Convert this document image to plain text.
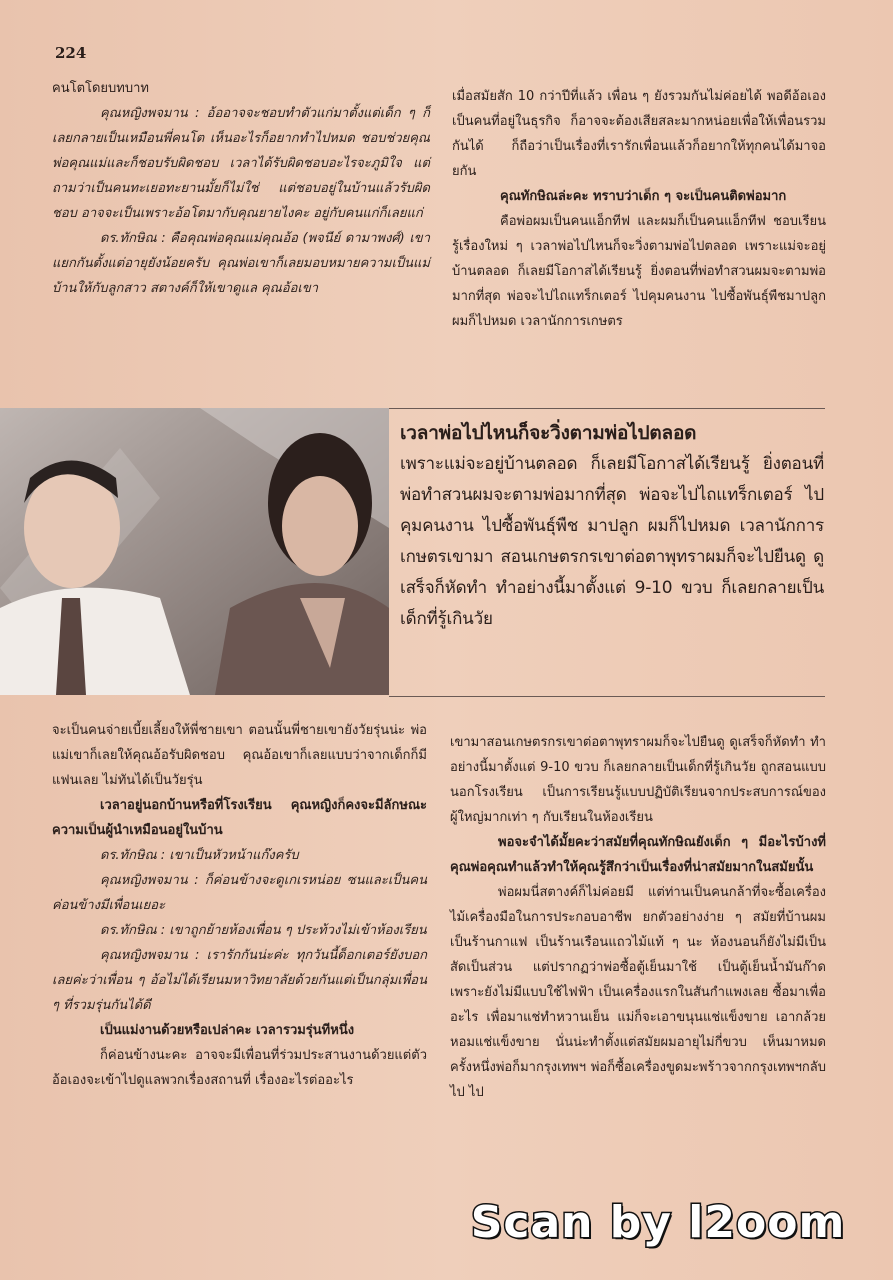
224

คนโตโดยบทบาท

คุณหญิงพจมาน : อ้ออาจจะชอบทำตัวแก่มาตั้งแต่เด็ก ๆ ก็เลยกลายเป็นเหมือนพี่คนโต เห็นอะไรก็อยากทำไปหมด ชอบช่วยคุณพ่อคุณแม่และก็ชอบรับผิดชอบ เวลาได้รับผิดชอบอะไรจะภูมิใจ แต่ถามว่าเป็นคนทะเยอทะยานมั้ยก็ไม่ใช่ แต่ชอบอยู่ในบ้านแล้วรับผิดชอบ อาจจะเป็นเพราะอ้อโตมากับคุณยายไงคะ อยู่กับคนแก่ก็เลยแก่

ดร.ทักษิณ : คือคุณพ่อคุณแม่คุณอ้อ (พจนีย์ ดามาพงศ์) เขาแยกกันตั้งแต่อายุยังน้อยครับ คุณพ่อเขาก็เลยมอบหมายความเป็นแม่บ้านให้กับลูกสาว สตางค์ก็ให้เขาดูแล คุณอ้อเขา

เมื่อสมัยสัก 10 กว่าปีที่แล้ว เพื่อน ๆ ยังรวมกันไม่ค่อยได้ พอดีอ้อเองเป็นคนที่อยู่ในธุรกิจ ก็อาจจะต้องเสียสละมากหน่อยเพื่อให้เพื่อนรวมกันได้ ก็ถือว่าเป็นเรื่องที่เรารักเพื่อนแล้วก็อยากให้ทุกคนได้มาจอยกัน

คุณทักษิณล่ะคะ ทราบว่าเด็ก ๆ จะเป็นคนติดพ่อมาก

คือพ่อผมเป็นคนแอ็กทีฟ และผมก็เป็นคนแอ็กทีฟ ชอบเรียนรู้เรื่องใหม่ ๆ เวลาพ่อไปไหนก็จะวิ่งตามพ่อไปตลอด เพราะแม่จะอยู่บ้านตลอด ก็เลยมีโอกาสได้เรียนรู้ ยิ่งตอนที่พ่อทำสวนผมจะตามพ่อมากที่สุด พ่อจะไปไถแทร็กเตอร์ ไปคุมคนงาน ไปซื้อพันธุ์พืชมาปลูก ผมก็ไปหมด เวลานักการเกษตร

เวลาพ่อไปไหนก็จะวิ่งตามพ่อไปตลอด
เพราะแม่จะอยู่บ้านตลอด ก็เลยมีโอกาสได้เรียนรู้ ยิ่งตอนที่พ่อทำสวนผมจะตามพ่อมากที่สุด พ่อจะไปไถแทร็กเตอร์ ไปคุมคนงาน ไปซื้อพันธุ์พืช มาปลูก ผมก็ไปหมด เวลานักการเกษตรเขามา สอนเกษตรกรเขาต่อตาพุทราผมก็จะไปยืนดู ดูเสร็จก็หัดทำ ทำอย่างนี้มาตั้งแต่ 9-10 ขวบ ก็เลยกลายเป็นเด็กที่รู้เกินวัย

จะเป็นคนจ่ายเบี้ยเลี้ยงให้พี่ชายเขา ตอนนั้นพี่ชายเขายังวัยรุ่นน่ะ พ่อแม่เขาก็เลยให้คุณอ้อรับผิดชอบ คุณอ้อเขาก็เลยแบบว่าจากเด็กก็มีแฟนเลย ไม่ทันได้เป็นวัยรุ่น

เวลาอยู่นอกบ้านหรือที่โรงเรียน คุณหญิงก็คงจะมีลักษณะความเป็นผู้นำเหมือนอยู่ในบ้าน

ดร.ทักษิณ : เขาเป็นหัวหน้าแก๊งครับ

คุณหญิงพจมาน : ก็ค่อนข้างจะดูเกเรหน่อย ซนและเป็นคนค่อนข้างมีเพื่อนเยอะ

ดร.ทักษิณ : เขาถูกย้ายห้องเพื่อน ๆ ประท้วงไม่เข้าห้องเรียน

คุณหญิงพจมาน : เรารักกันน่ะค่ะ ทุกวันนี้ด็อกเตอร์ยังบอกเลยค่ะว่าเพื่อน ๆ อ้อไม่ได้เรียนมหาวิทยาลัยด้วยกันแต่เป็นกลุ่มเพื่อน ๆ ที่รวมรุ่นกันได้ดี

เป็นแม่งานด้วยหรือเปล่าคะ เวลารวมรุ่นทีหนึ่ง

ก็ค่อนข้างนะคะ อาจจะมีเพื่อนที่ร่วมประสานงานด้วยแต่ตัวอ้อเองจะเข้าไปดูแลพวกเรื่องสถานที่ เรื่องอะไรต่ออะไร

เขามาสอนเกษตรกรเขาต่อตาพุทราผมก็จะไปยืนดู ดูเสร็จก็หัดทำ ทำอย่างนี้มาตั้งแต่ 9-10 ขวบ ก็เลยกลายเป็นเด็กที่รู้เกินวัย ถูกสอนแบบนอกโรงเรียน เป็นการเรียนรู้แบบปฏิบัติเรียนจากประสบการณ์ของผู้ใหญ่มากเท่า ๆ กับเรียนในห้องเรียน

พอจะจำได้มั้ยคะว่าสมัยที่คุณทักษิณยังเด็ก ๆ มีอะไรบ้างที่คุณพ่อคุณทำแล้วทำให้คุณรู้สึกว่าเป็นเรื่องที่น่าสมัยมากในสมัยนั้น

พ่อผมนี่สตางค์ก็ไม่ค่อยมี แต่ท่านเป็นคนกล้าที่จะซื้อเครื่องไม้เครื่องมือในการประกอบอาชีพ ยกตัวอย่างง่าย ๆ สมัยที่บ้านผมเป็นร้านกาแฟ เป็นร้านเรือนแถวไม้แท้ ๆ นะ ห้องนอนก็ยังไม่มีเป็นสัดเป็นส่วน แต่ปรากฏว่าพ่อซื้อตู้เย็นมาใช้ เป็นตู้เย็นน้ำมันก๊าดเพราะยังไม่มีแบบใช้ไฟฟ้า เป็นเครื่องแรกในสันกำแพงเลย ซื้อมาเพื่ออะไร เพื่อมาแช่ทำหวานเย็น แม่ก็จะเอาขนุนแช่แข็งขาย เอากล้วยหอมแช่แข็งขาย นั่นน่ะทำตั้งแต่สมัยผมอายุไม่กี่ขวบ เห็นมาหมด ครั้งหนึ่งพ่อก็มากรุงเทพฯ พ่อก็ซื้อเครื่องขูดมะพร้าวจากกรุงเทพฯกลับไป ไป

Scan by l2oom
